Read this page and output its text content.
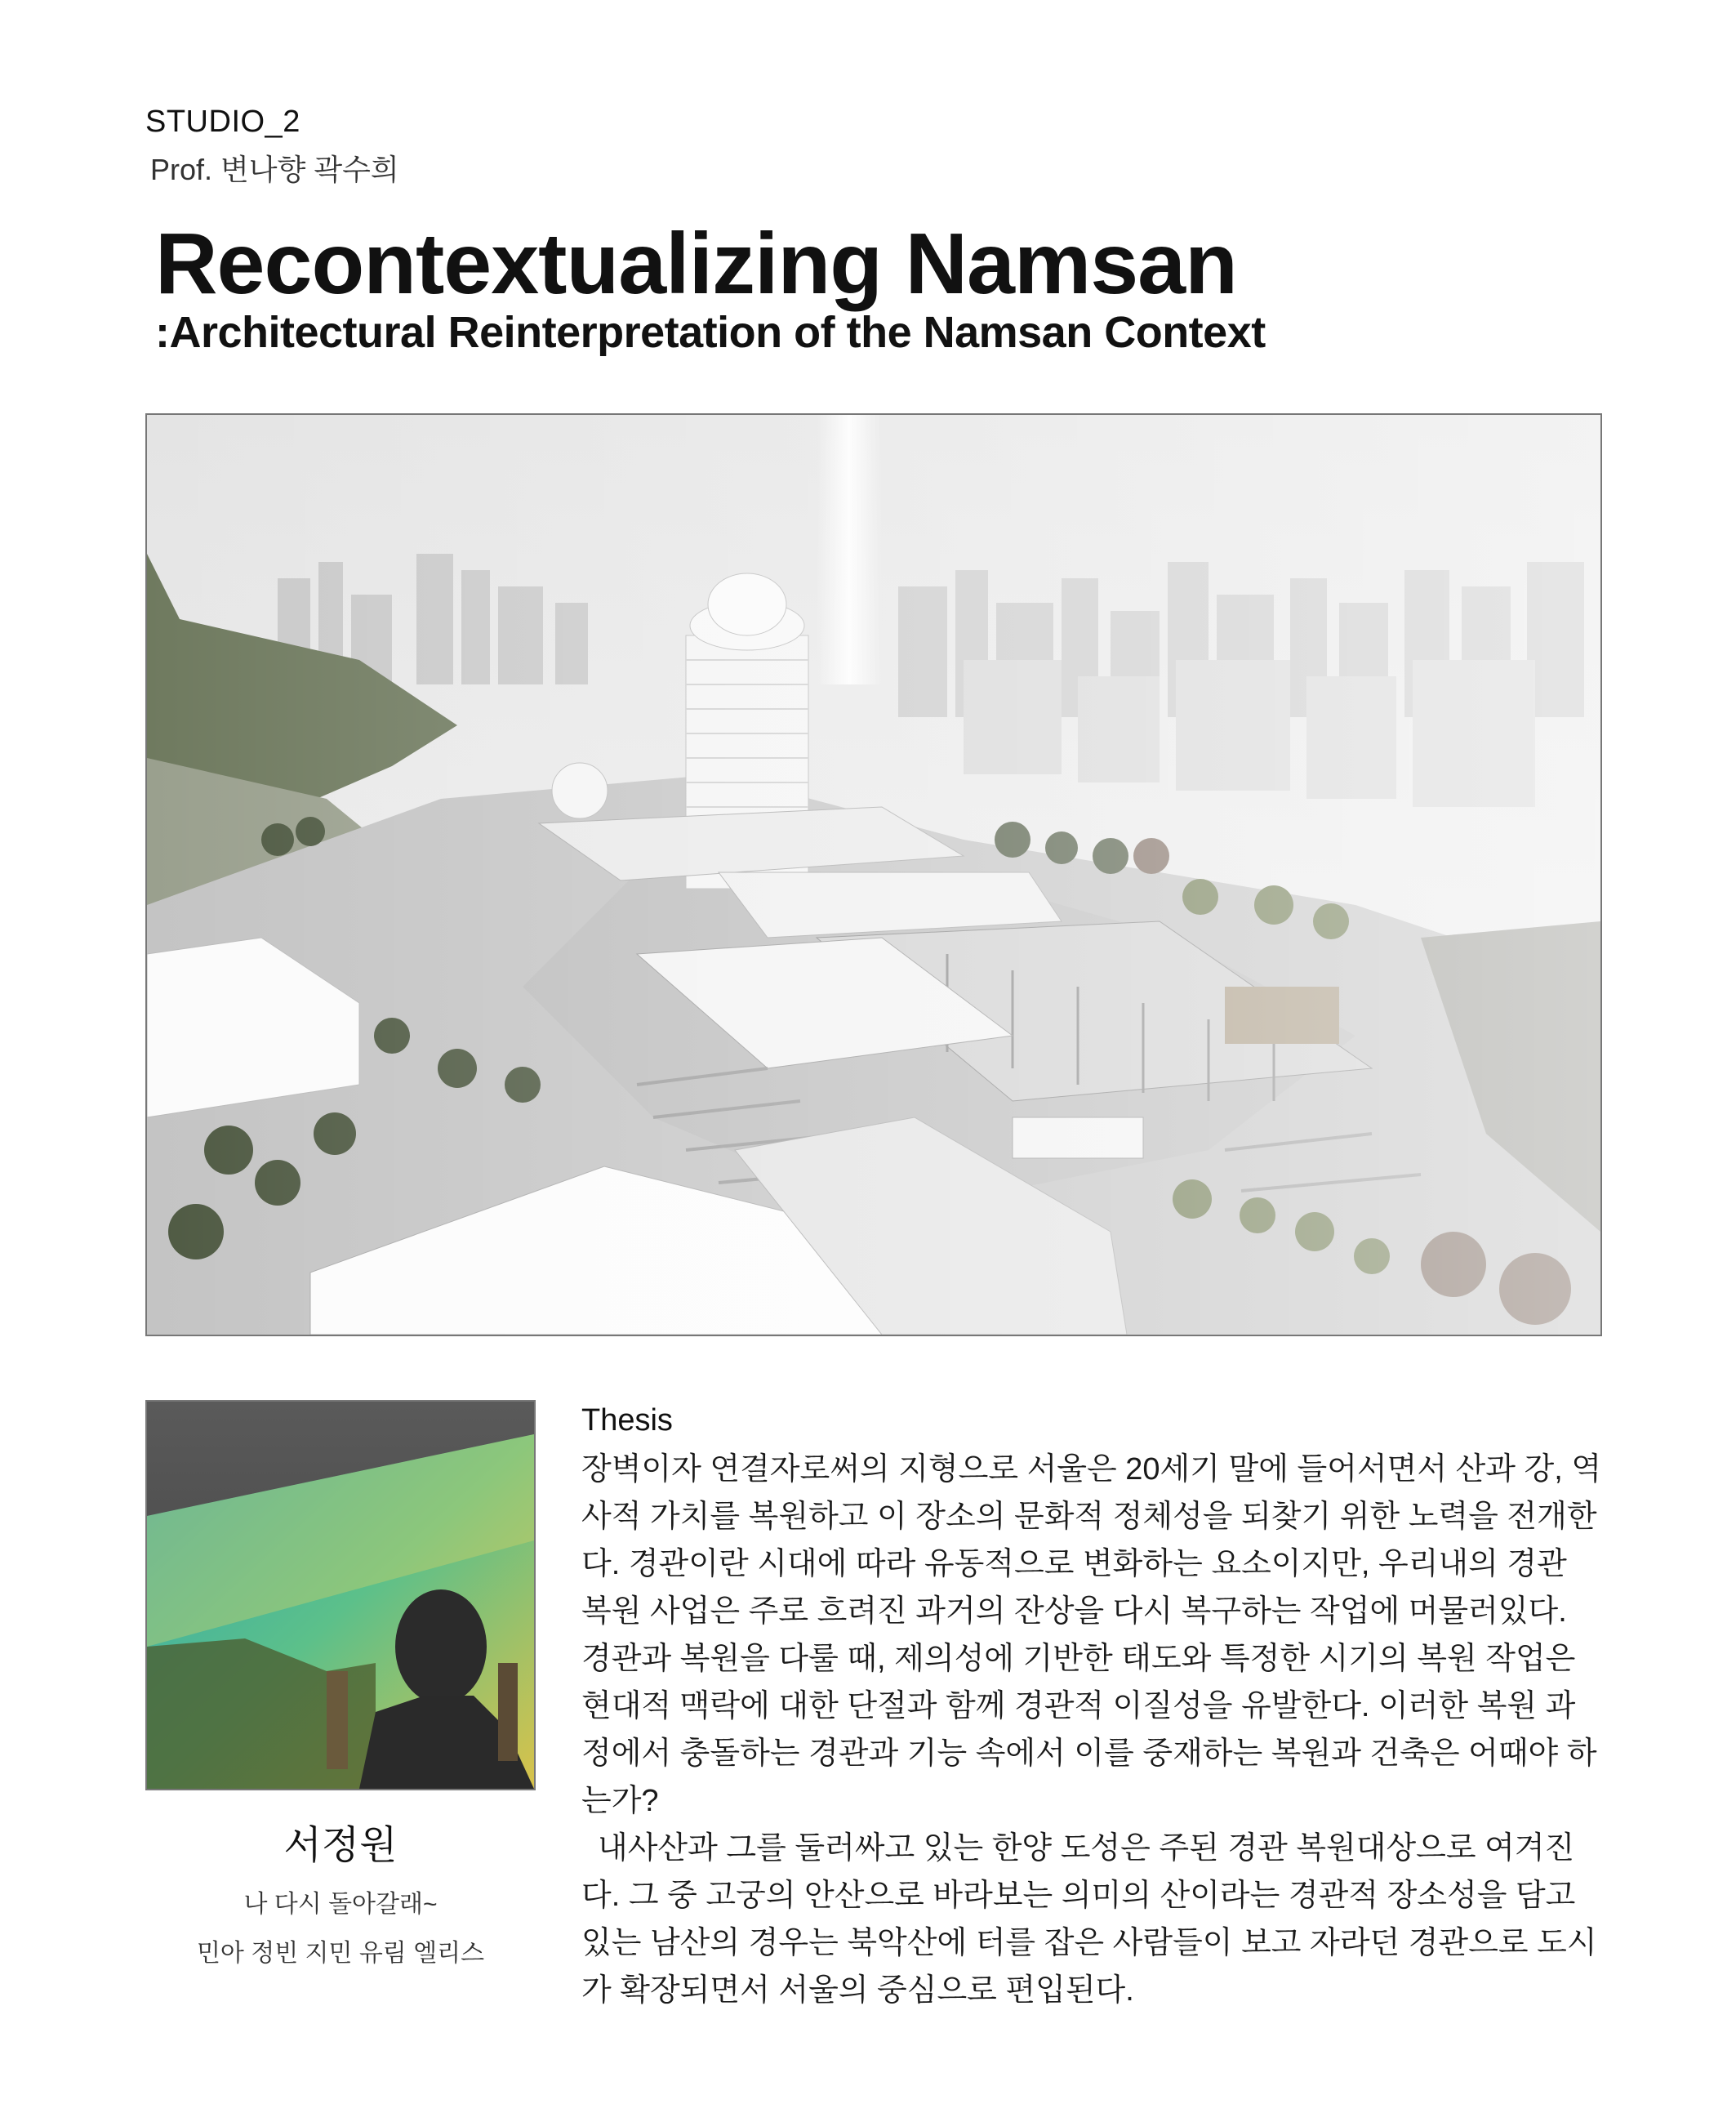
STUDIO_2
Prof. 변나향 곽수희
Recontextualizing Namsan
:Architectural Reinterpretation of the Namsan Context
서정원
나 다시 돌아갈래~
민아 정빈 지민 유림 엘리스
Thesis

장벽이자 연결자로써의 지형으로 서울은 20세기 말에 들어서면서 산과 강, 역사적 가치를 복원하고 이 장소의 문화적 정체성을 되찾기 위한 노력을 전개한다. 경관이란 시대에 따라 유동적으로 변화하는 요소이지만, 우리내의 경관 복원 사업은 주로 흐려진 과거의 잔상을 다시 복구하는 작업에 머물러있다. 경관과 복원을 다룰 때, 제의성에 기반한 태도와 특정한 시기의 복원 작업은 현대적 맥락에 대한 단절과 함께 경관적 이질성을 유발한다. 이러한 복원 과정에서 충돌하는 경관과 기능 속에서 이를 중재하는 복원과 건축은 어때야 하는가?

내사산과 그를 둘러싸고 있는 한양 도성은 주된 경관 복원대상으로 여겨진다. 그 중 고궁의 안산으로 바라보는 의미의 산이라는 경관적 장소성을 담고있는 남산의 경우는 북악산에 터를 잡은 사람들이 보고 자라던 경관으로 도시가 확장되면서 서울의 중심으로 편입된다.
